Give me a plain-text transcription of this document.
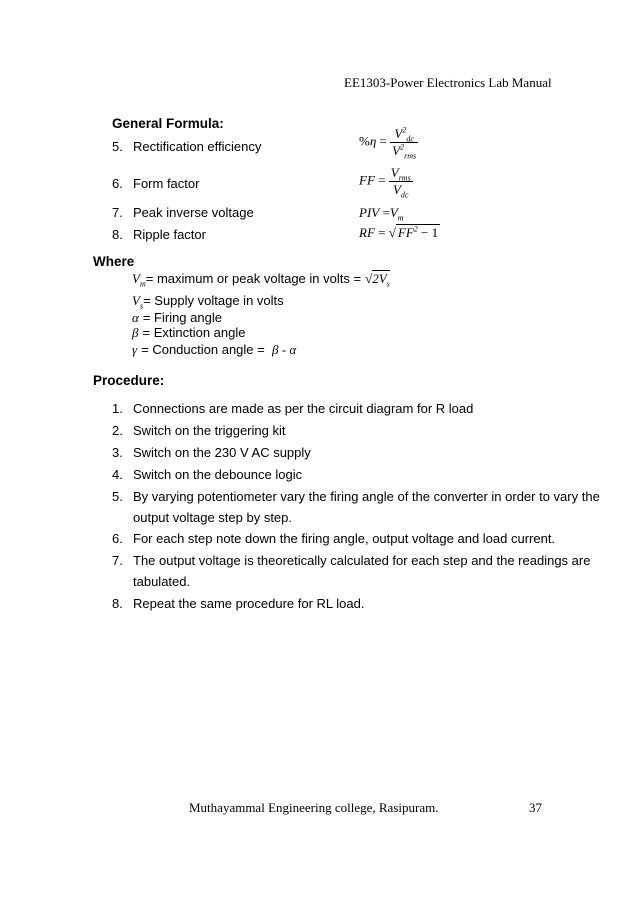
EE1303-Power Electronics Lab Manual
General Formula:
5. Rectification efficiency	$\%\eta = \frac{V^2_{dc}}{V^2_{rms}}$
6. Form factor	FF = $\frac{V_{rms}}{V_{dc}}$
7. Peak inverse voltage	PIV $=V_m$
8. Ripple factor	RF = √ $FF^2 - 1$
Where
$V_m=$ maximum or peak voltage in volts = $√2V_s$
$V_s=$ Supply voltage in volts
α = Firing angle
β = Extinction angle
γ = Conduction angle =  β - α
Procedure:
1. Connections are made as per the circuit diagram for R load
2. Switch on the triggering kit
3. Switch on the 230 V AC supply
4. Switch on the debounce logic
5. By varying potentiometer vary the firing angle of the converter in order to vary the
output voltage step by step.
6. For each step note down the firing angle, output voltage and load current.
7. The output voltage is theoretically calculated for each step and the readings are
tabulated.
8. Repeat the same procedure for RL load.
Muthayammal Engineering college, Rasipuram.	37
